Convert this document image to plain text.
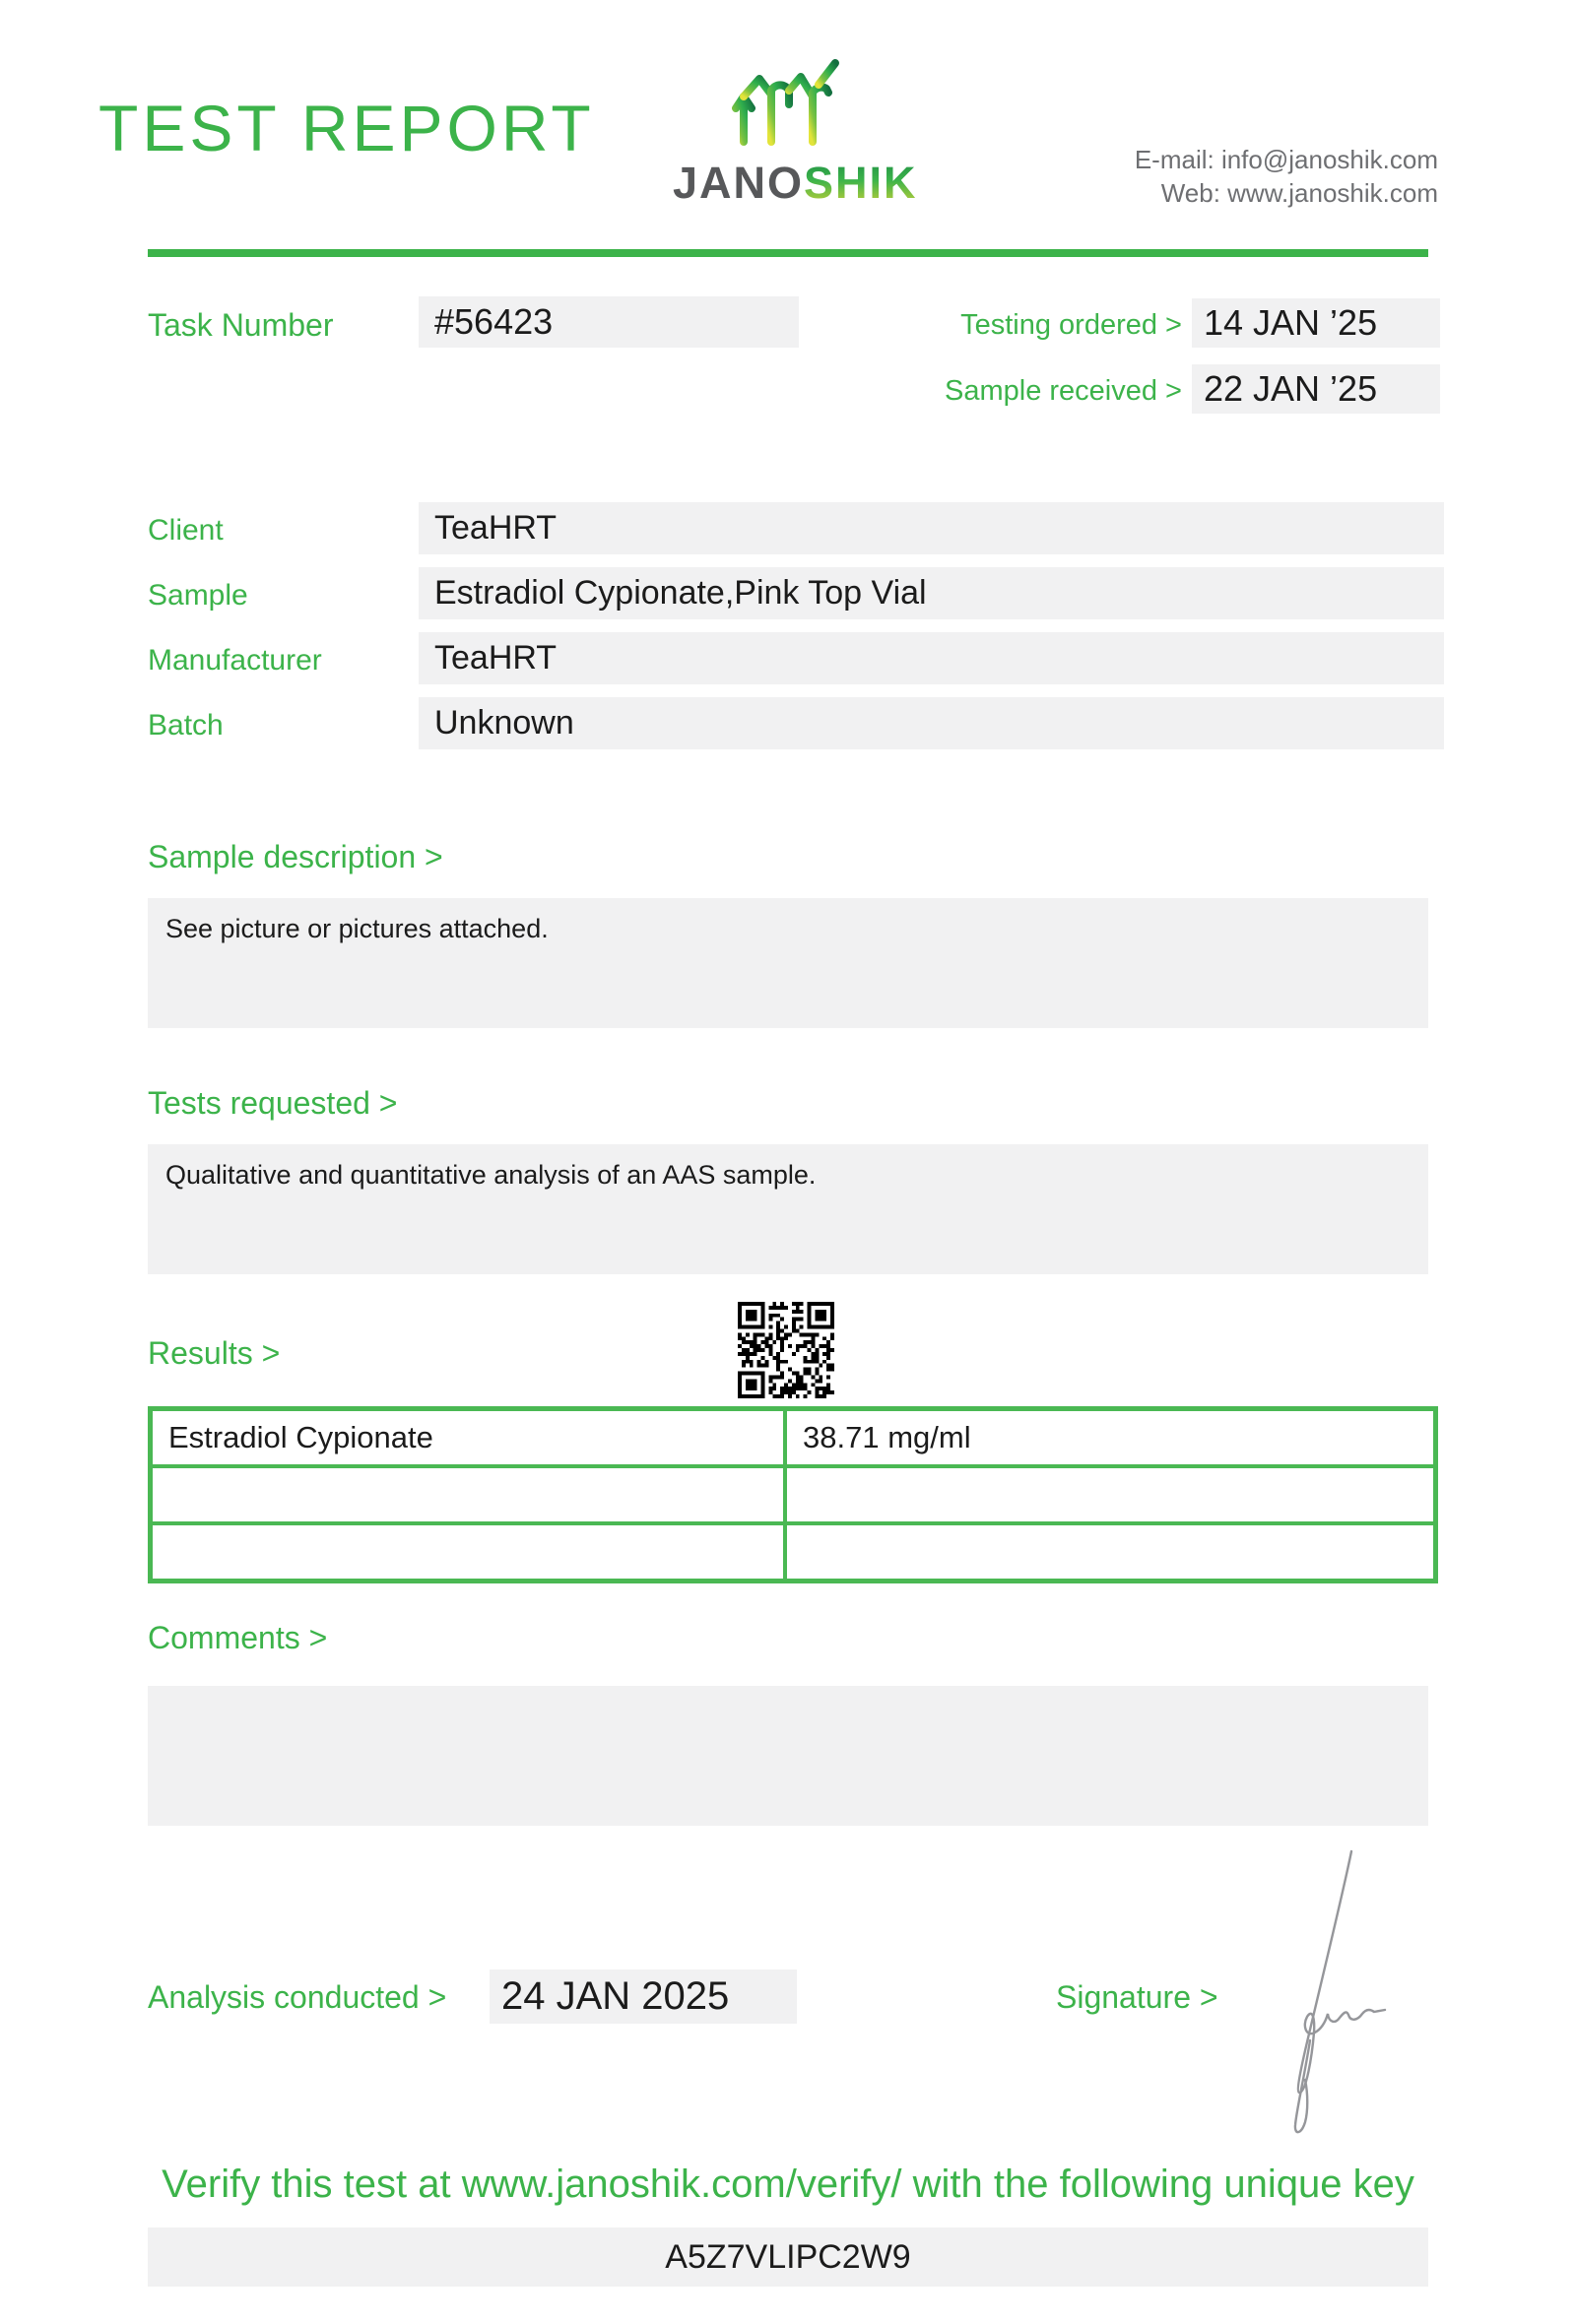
TEST REPORT
JANOSHIK	E-mail: info@janoshik.com
Web: www.janoshik.com
Task Number	#56423	Testing ordered > 14 JAN ’25
Sample received > 22 JAN ’25
Client	TeaHRT
Sample	Estradiol Cypionate,Pink Top Vial
Manufacturer	TeaHRT
Batch	Unknown
Sample description >
See picture or pictures attached.
Tests requested >
Qualitative and quantitative analysis of an AAS sample.
Results >
Estradiol Cypionate	38.71 mg/ml
Comments >
Analysis conducted >	24 JAN 2025	Signature >
Verify this test at www.janoshik.com/verify/ with the following unique key
A5Z7VLIPC2W9
